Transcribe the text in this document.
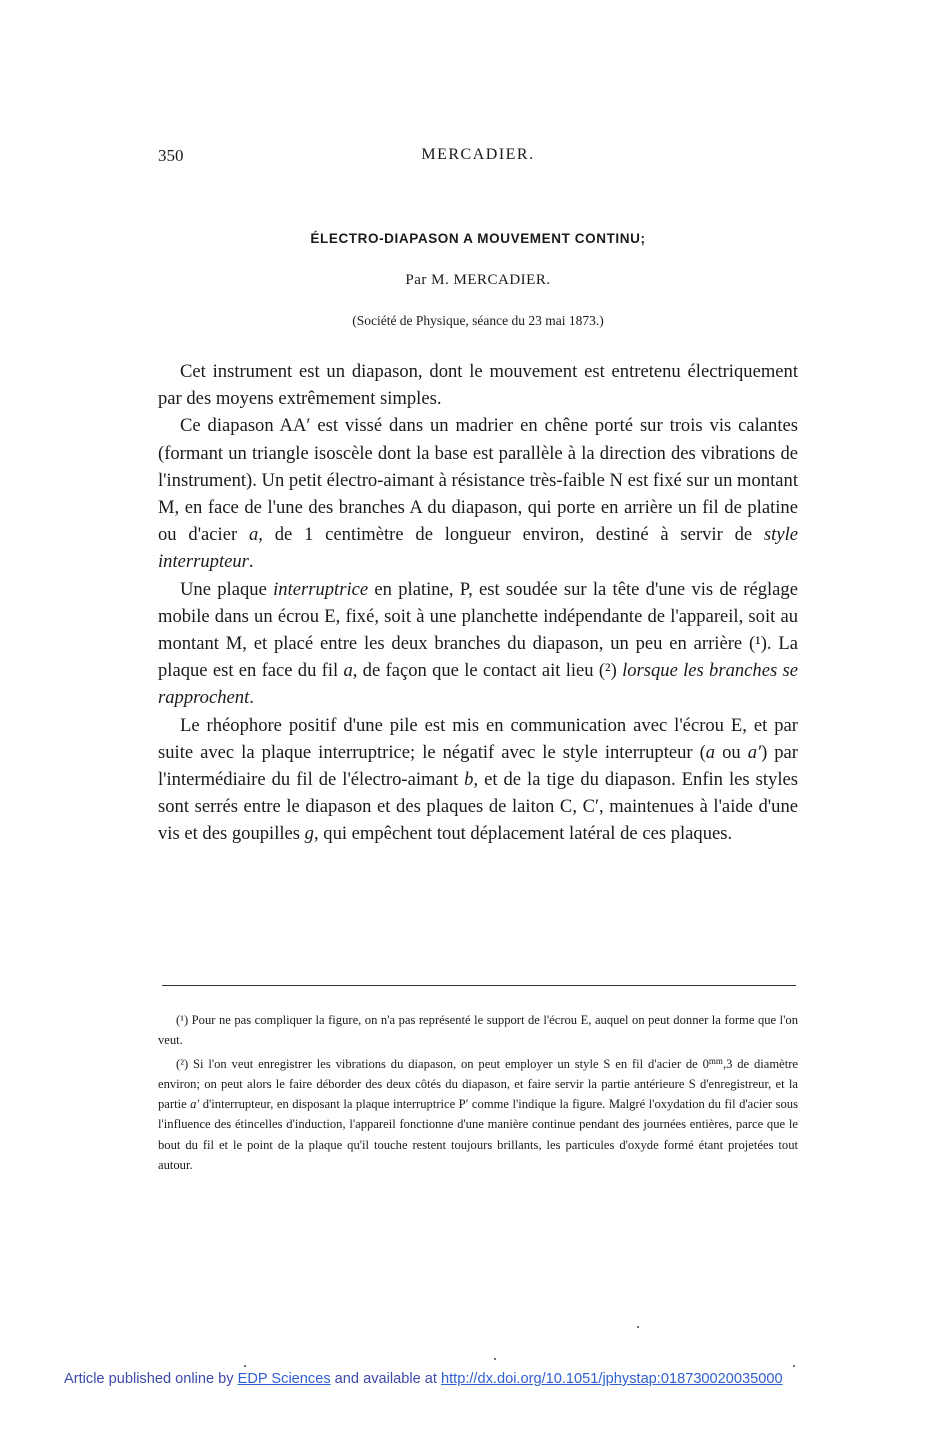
350	MERCADIER.
ÉLECTRO-DIAPASON A MOUVEMENT CONTINU;
Par M. MERCADIER.
(Société de Physique, séance du 23 mai 1873.)

Cet instrument est un diapason, dont le mouvement est entretenu électriquement par des moyens extrêmement simples.

Ce diapason AA′ est vissé dans un madrier en chêne porté sur trois vis calantes (formant un triangle isoscèle dont la base est parallèle à la direction des vibrations de l'instrument). Un petit électro-aimant à résistance très-faible N est fixé sur un montant M, en face de l'une des branches A du diapason, qui porte en arrière un fil de platine ou d'acier a, de 1 centimètre de longueur environ, destiné à servir de style interrupteur.

Une plaque interruptrice en platine, P, est soudée sur la tête d'une vis de réglage mobile dans un écrou E, fixé, soit à une planchette indépendante de l'appareil, soit au montant M, et placé entre les deux branches du diapason, un peu en arrière (¹). La plaque est en face du fil a, de façon que le contact ait lieu (²) lorsque les branches se rapprochent.

Le rhéophore positif d'une pile est mis en communication avec l'écrou E, et par suite avec la plaque interruptrice; le négatif avec le style interrupteur (a ou a′) par l'intermédiaire du fil de l'électro-aimant b, et de la tige du diapason. Enfin les styles sont serrés entre le diapason et des plaques de laiton C, C′, maintenues à l'aide d'une vis et des goupilles g, qui empêchent tout déplacement latéral de ces plaques.

(¹) Pour ne pas compliquer la figure, on n'a pas représenté le support de l'écrou E, auquel on peut donner la forme que l'on veut.

(²) Si l'on veut enregistrer les vibrations du diapason, on peut employer un style S en fil d'acier de $0^{mm},3$ de diamètre environ; on peut alors le faire déborder des deux côtés du diapason, et faire servir la partie antérieure S d'enregistreur, et la partie a′ d'interrupteur, en disposant la plaque interruptrice P′ comme l'indique la figure. Malgré l'oxydation du fil d'acier sous l'influence des étincelles d'induction, l'appareil fonctionne d'une manière continue pendant des journées entières, parce que le bout du fil et le point de la plaque qu'il touche restent toujours brillants, les particules d'oxyde formé étant projetées tout autour.

Article published online by EDP Sciences and available at http://dx.doi.org/10.1051/jphystap:018730020035000
